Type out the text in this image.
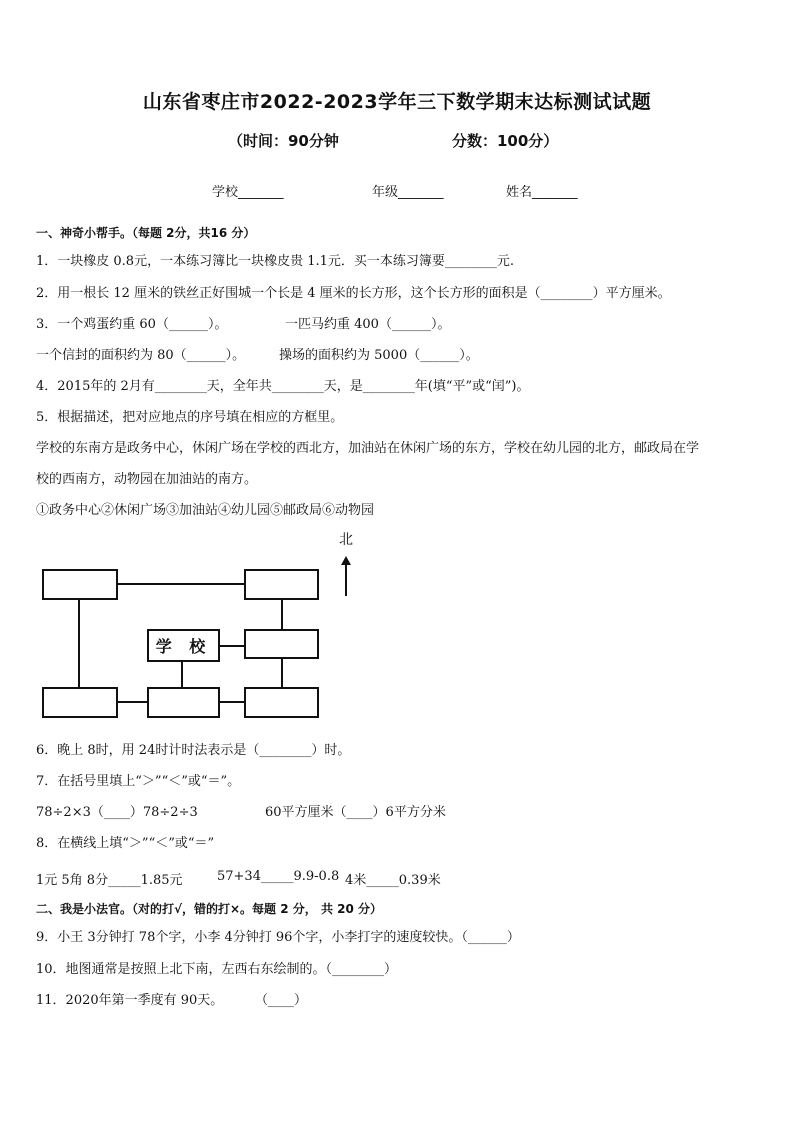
山东省枣庄市2022-2023学年三下数学期末达标测试试题
（时间：90分钟	分数：100分）
学校_______	年级_______	姓名_______
一、神奇小帮手。（每题 2分，共16 分）
1．一块橡皮 0.8元，一本练习簿比一块橡皮贵 1.1元．买一本练习簿要________元.
2．用一根长 12 厘米的铁丝正好围城一个长是 4 厘米的长方形，这个长方形的面积是（________）平方厘米。
3．一个鸡蛋约重 60（______）。	一匹马约重 400（______）。
一个信封的面积约为 80（______）。	操场的面积约为 5000（______）。
4．2015年的 2月有________天，全年共________天，是________年(填“平”或“闰”)。
5．根据描述，把对应地点的序号填在相应的方框里。
学校的东南方是政务中心，休闲广场在学校的西北方，加油站在休闲广场的东方，学校在幼儿园的北方，邮政局在学
校的西南方，动物园在加油站的南方。
①政务中心②休闲广场③加油站④幼儿园⑤邮政局⑥动物园
北
学 校
6．晚上 8时，用 24时计时法表示是（________）时。
7．在括号里填上“＞”“＜”或“＝”。
78÷2×3（____）78÷2÷3	60平方厘米（____）6平方分米
8．在横线上填“＞”“＜”或“＝”
1元 5角 8分_____1.85元	57+34_____9.9-0.8 4米_____0.39米
二、我是小法官。（对的打√，错的打×。每题 2 分， 共 20 分）
9．小王 3分钟打 78个字，小李 4分钟打 96个字，小李打字的速度较快。（______）
10．地图通常是按照上北下南，左西右东绘制的。（________）
11．2020年第一季度有 90天。 （____）
